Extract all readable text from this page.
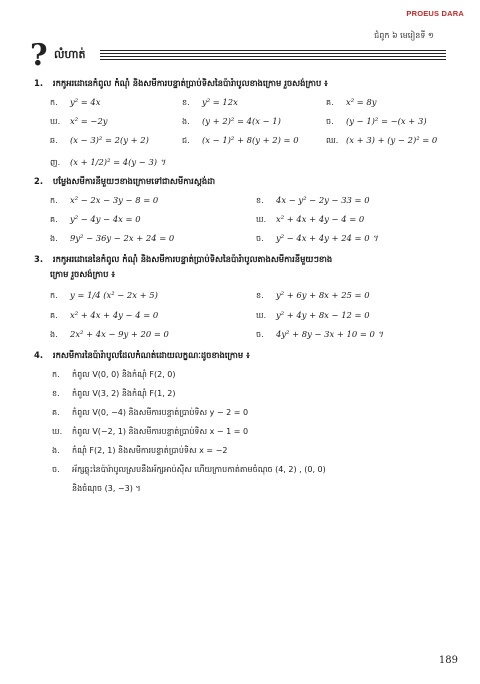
PROEUS DARA
ជំពូក ៦ មេរៀនទី ១
? លំហាត់
1. រកកូអរដោនេកំពូល កំណុំ និងសមីការបន្ទាត់ប្រាប់ទិសនៃប៉ារ៉ាបូលខាងក្រោម រួចសង់ក្រាប ៖
ក. y² = 4x	ខ. y² = 12x	គ. x² = 8y
ឃ. x² = −2y	ង. (y + 2)² = 4(x − 1)	ច. (y − 1)² = −(x + 3)
ឆ. (x − 3)² = 2(y + 2)	ជ. (x − 1)² + 8(y + 2) = 0	ឈ. (x + 3) + (y − 2)² = 0
ញ. (x + 1/2)² = 4(y − 3) ។
2. បម្លែងសមីការនីមួយៗខាងក្រោមទៅជាសមីការស្តង់ដា
ក. x² − 2x − 3y − 8 = 0	ខ. 4x − y² − 2y − 33 = 0
គ. y² − 4y − 4x = 0	ឃ. x² + 4x + 4y − 4 = 0
ង. 9y² − 36y − 2x + 24 = 0	ច. y² − 4x + 4y + 24 = 0 ។
3. រកកូអរដោនេនៃកំពូល កំណុំ និងសមីការបន្ទាត់ប្រាប់ទិសនៃប៉ារ៉ាបូលតាងសមីការនីមួយៗខាង
ក្រោម រួចសង់ក្រាប ៖
ក. y = 1/4 (x² − 2x + 5)	ខ. y² + 6y + 8x + 25 = 0
គ. x² + 4x + 4y − 4 = 0	ឃ. y² + 4y + 8x − 12 = 0
ង. 2x² + 4x − 9y + 20 = 0	ច. 4y² + 8y − 3x + 10 = 0 ។
4. រកសមីការនៃប៉ារ៉ាបូលដែលកំណត់ដោយលក្ខណៈដូចខាងក្រោម ៖
ក. កំពូល V(0, 0) និងកំណុំ F(2, 0)
ខ. កំពូល V(3, 2) និងកំណុំ F(1, 2)
គ. កំពូល V(0, −4) និងសមីការបន្ទាត់ប្រាប់ទិស y − 2 = 0
ឃ. កំពូល V(−2, 1) និងសមីការបន្ទាត់ប្រាប់ទិស x − 1 = 0
ង. កំណុំ F(2, 1) និងសមីការបន្ទាត់ប្រាប់ទិស x = −2
ច. អ័ក្សឆ្លុះនៃប៉ារ៉ាបូលស្របនឹងអ័ក្សអាប់ស៊ីស ហើយក្រាបកាត់តាមចំណុច (4, 2) , (0, 0)
និងចំណុច (3, −3) ។
189
